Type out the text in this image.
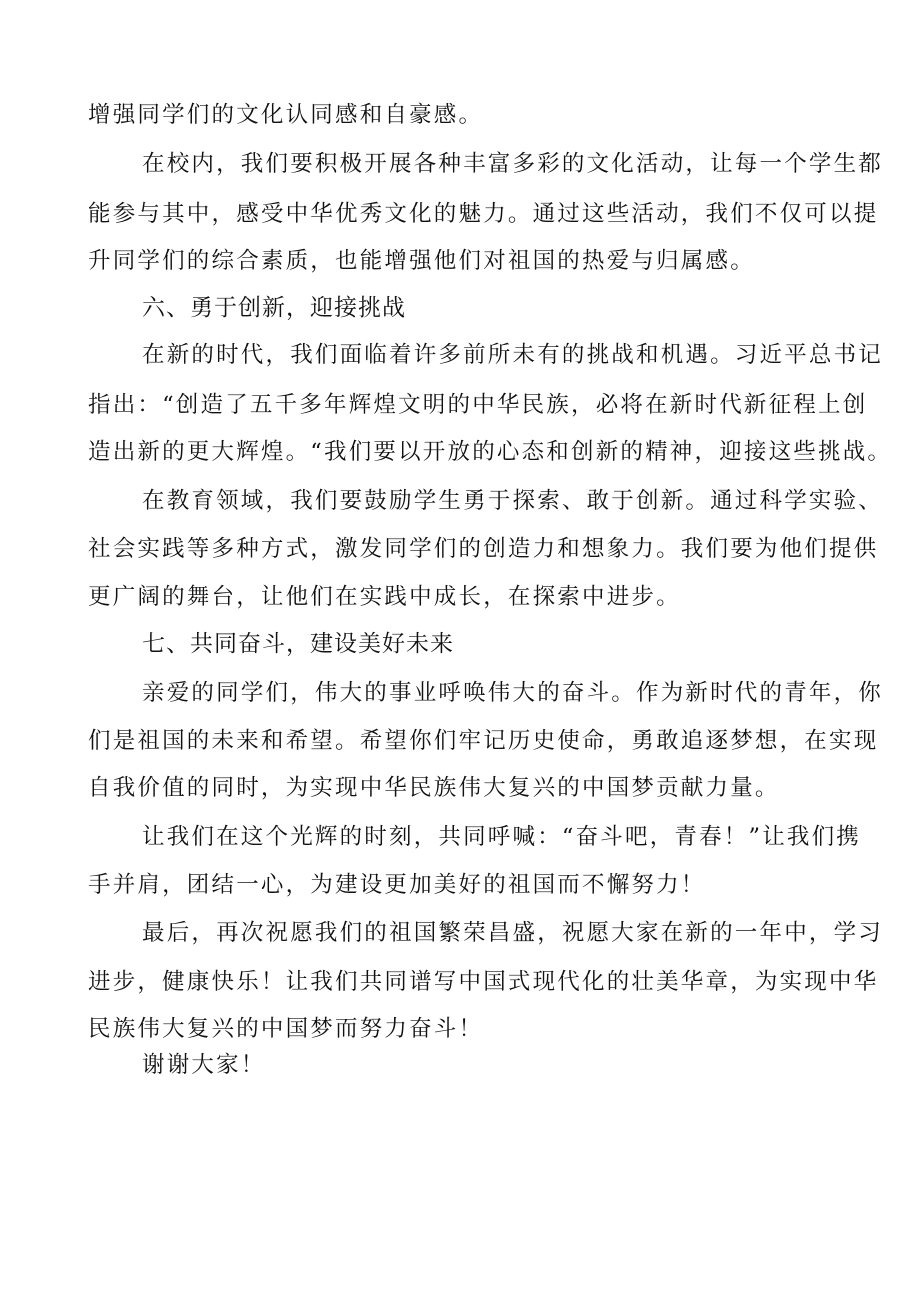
增强同学们的文化认同感和自豪感。
在校内，我们要积极开展各种丰富多彩的文化活动，让每一个学生都
能参与其中，感受中华优秀文化的魅力。通过这些活动，我们不仅可以提
升同学们的综合素质，也能增强他们对祖国的热爱与归属感。
六、勇于创新，迎接挑战
在新的时代，我们面临着许多前所未有的挑战和机遇。习近平总书记
指出：“创造了五千多年辉煌文明的中华民族，必将在新时代新征程上创
造出新的更大辉煌。“我们要以开放的心态和创新的精神，迎接这些挑战。
在教育领域，我们要鼓励学生勇于探索、敢于创新。通过科学实验、
社会实践等多种方式，激发同学们的创造力和想象力。我们要为他们提供
更广阔的舞台，让他们在实践中成长，在探索中进步。
七、共同奋斗，建设美好未来
亲爱的同学们，伟大的事业呼唤伟大的奋斗。作为新时代的青年，你
们是祖国的未来和希望。希望你们牢记历史使命，勇敢追逐梦想，在实现
自我价值的同时，为实现中华民族伟大复兴的中国梦贡献力量。
让我们在这个光辉的时刻，共同呼喊：“奋斗吧，青春！”让我们携
手并肩，团结一心，为建设更加美好的祖国而不懈努力！
最后，再次祝愿我们的祖国繁荣昌盛，祝愿大家在新的一年中，学习
进步，健康快乐！让我们共同谱写中国式现代化的壮美华章，为实现中华
民族伟大复兴的中国梦而努力奋斗！
谢谢大家！
